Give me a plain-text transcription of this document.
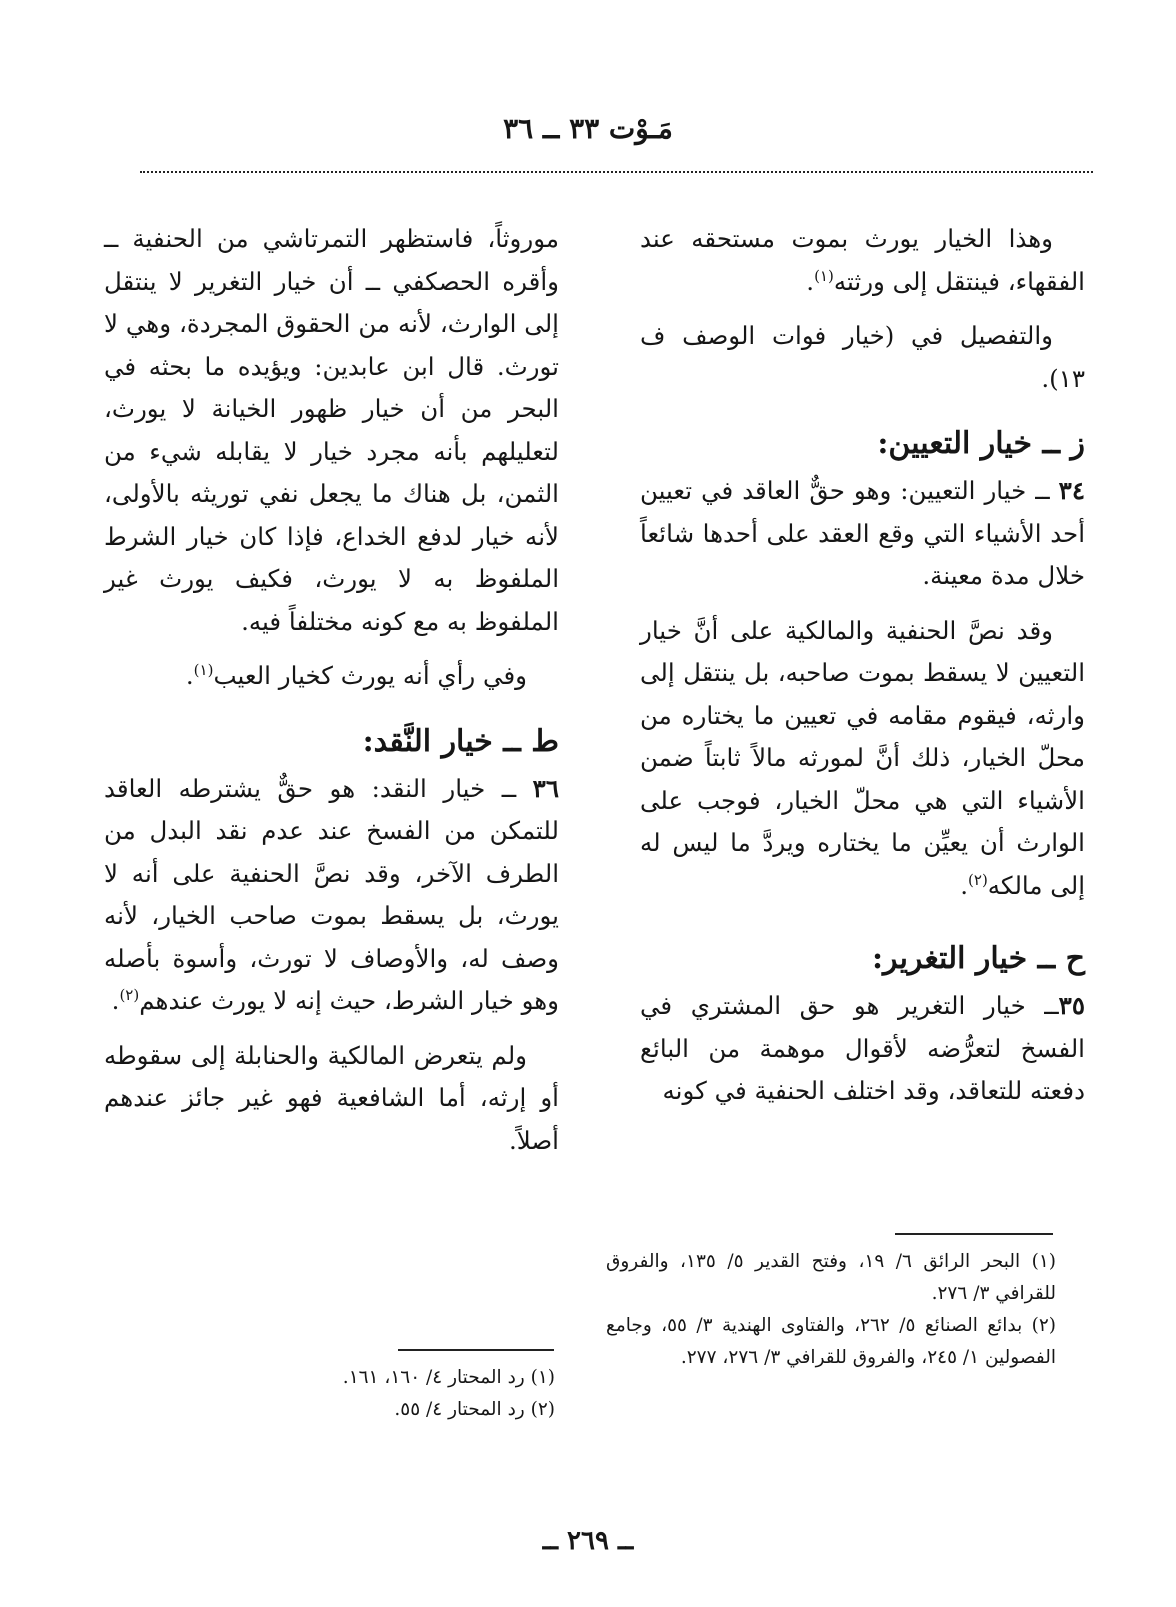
مَـوْت ٣٣ ــ ٣٦

وهذا الخيار يورث بموت مستحقه عند الفقهاء، فينتقل إلى ورثته$^{(١)}$.

والتفصيل في (خيار فوات الوصف ف ١٣).

ز ــ خيار التعيين:

٣٤ ــ خيار التعيين: وهو حقٌّ العاقد في تعيين أحد الأشياء التي وقع العقد على أحدها شائعاً خلال مدة معينة.

وقد نصَّ الحنفية والمالكية على أنَّ خيار التعيين لا يسقط بموت صاحبه، بل ينتقل إلى وارثه، فيقوم مقامه في تعيين ما يختاره من محلّ الخيار، ذلك أنَّ لمورثه مالاً ثابتاً ضمن الأشياء التي هي محلّ الخيار، فوجب على الوارث أن يعيِّن ما يختاره ويردَّ ما ليس له إلى مالكه$^{(٢)}$.

ح ــ خيار التغرير:

٣٥ــ خيار التغرير هو حق المشتري في الفسخ لتعرُّضه لأقوال موهمة من البائع دفعته للتعاقد، وقد اختلف الحنفية في كونه

موروثاً، فاستظهر التمرتاشي من الحنفية ــ وأقره الحصكفي ــ أن خيار التغرير لا ينتقل إلى الوارث، لأنه من الحقوق المجردة، وهي لا تورث. قال ابن عابدين: ويؤيده ما بحثه في البحر من أن خيار ظهور الخيانة لا يورث، لتعليلهم بأنه مجرد خيار لا يقابله شيء من الثمن، بل هناك ما يجعل نفي توريثه بالأولى، لأنه خيار لدفع الخداع، فإذا كان خيار الشرط الملفوظ به لا يورث، فكيف يورث غير الملفوظ به مع كونه مختلفاً فيه.

وفي رأي أنه يورث كخيار العيب$^{(١)}$.

ط ــ خيار النَّقد:

٣٦ ــ خيار النقد: هو حقٌّ يشترطه العاقد للتمكن من الفسخ عند عدم نقد البدل من الطرف الآخر، وقد نصَّ الحنفية على أنه لا يورث، بل يسقط بموت صاحب الخيار، لأنه وصف له، والأوصاف لا تورث، وأسوة بأصله وهو خيار الشرط، حيث إنه لا يورث عندهم$^{(٢)}$.

ولم يتعرض المالكية والحنابلة إلى سقوطه أو إرثه، أما الشافعية فهو غير جائز عندهم أصلاً.

(١) البحر الرائق ٦/ ١٩، وفتح القدير ٥/ ١٣٥، والفروق للقرافي ٣/ ٢٧٦.

(٢) بدائع الصنائع ٥/ ٢٦٢، والفتاوى الهندية ٣/ ٥٥، وجامع الفصولين ١/ ٢٤٥، والفروق للقرافي ٣/ ٢٧٦، ٢٧٧.

(١) رد المحتار ٤/ ١٦٠، ١٦١.

(٢) رد المحتار ٤/ ٥٥.

ــ ٢٦٩ ــ
